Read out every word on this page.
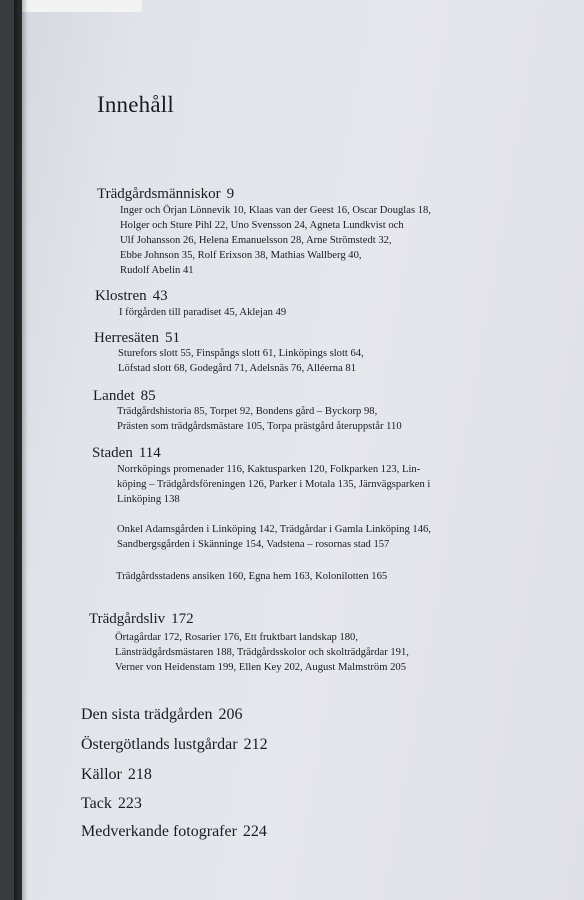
Innehåll
Trädgårdsmänniskor 9
Inger och Örjan Lönnevik 10, Klaas van der Geest 16, Oscar Douglas 18,
Holger och Sture Pihl 22, Uno Svensson 24, Agneta Lundkvist och
Ulf Johansson 26, Helena Emanuelsson 28, Arne Strömstedt 32,
Ebbe Johnson 35, Rolf Erixson 38, Mathias Wallberg 40,
Rudolf Abelin 41
Klostren 43
I förgården till paradiset 45, Aklejan 49
Herresäten 51
Sturefors slott 55, Finspångs slott 61, Linköpings slott 64,
Löfstad slott 68, Godegård 71, Adelsnäs 76, Alléerna 81
Landet 85
Trädgårdshistoria 85, Torpet 92, Bondens gård – Byckorp 98,
Prästen som trädgårdsmästare 105, Torpa prästgård återuppstår 110
Staden 114
Norrköpings promenader 116, Kaktusparken 120, Folkparken 123, Lin-
köping – Trädgårdsföreningen 126, Parker i Motala 135, Järnvägsparken i
Linköping 138
Onkel Adamsgården i Linköping 142, Trädgårdar i Gamla Linköping 146,
Sandbergsgården i Skänninge 154, Vadstena – rosornas stad 157
Trädgårdsstadens ansiken 160, Egna hem 163, Kolonilotten 165
Trädgårdsliv 172
Örtagårdar 172, Rosarier 176, Ett fruktbart landskap 180,
Länsträdgårdsmästaren 188, Trädgårdsskolor och skolträdgårdar 191,
Verner von Heidenstam 199, Ellen Key 202, August Malmström 205
Den sista trädgården 206
Östergötlands lustgårdar 212
Källor 218
Tack 223
Medverkande fotografer 224
